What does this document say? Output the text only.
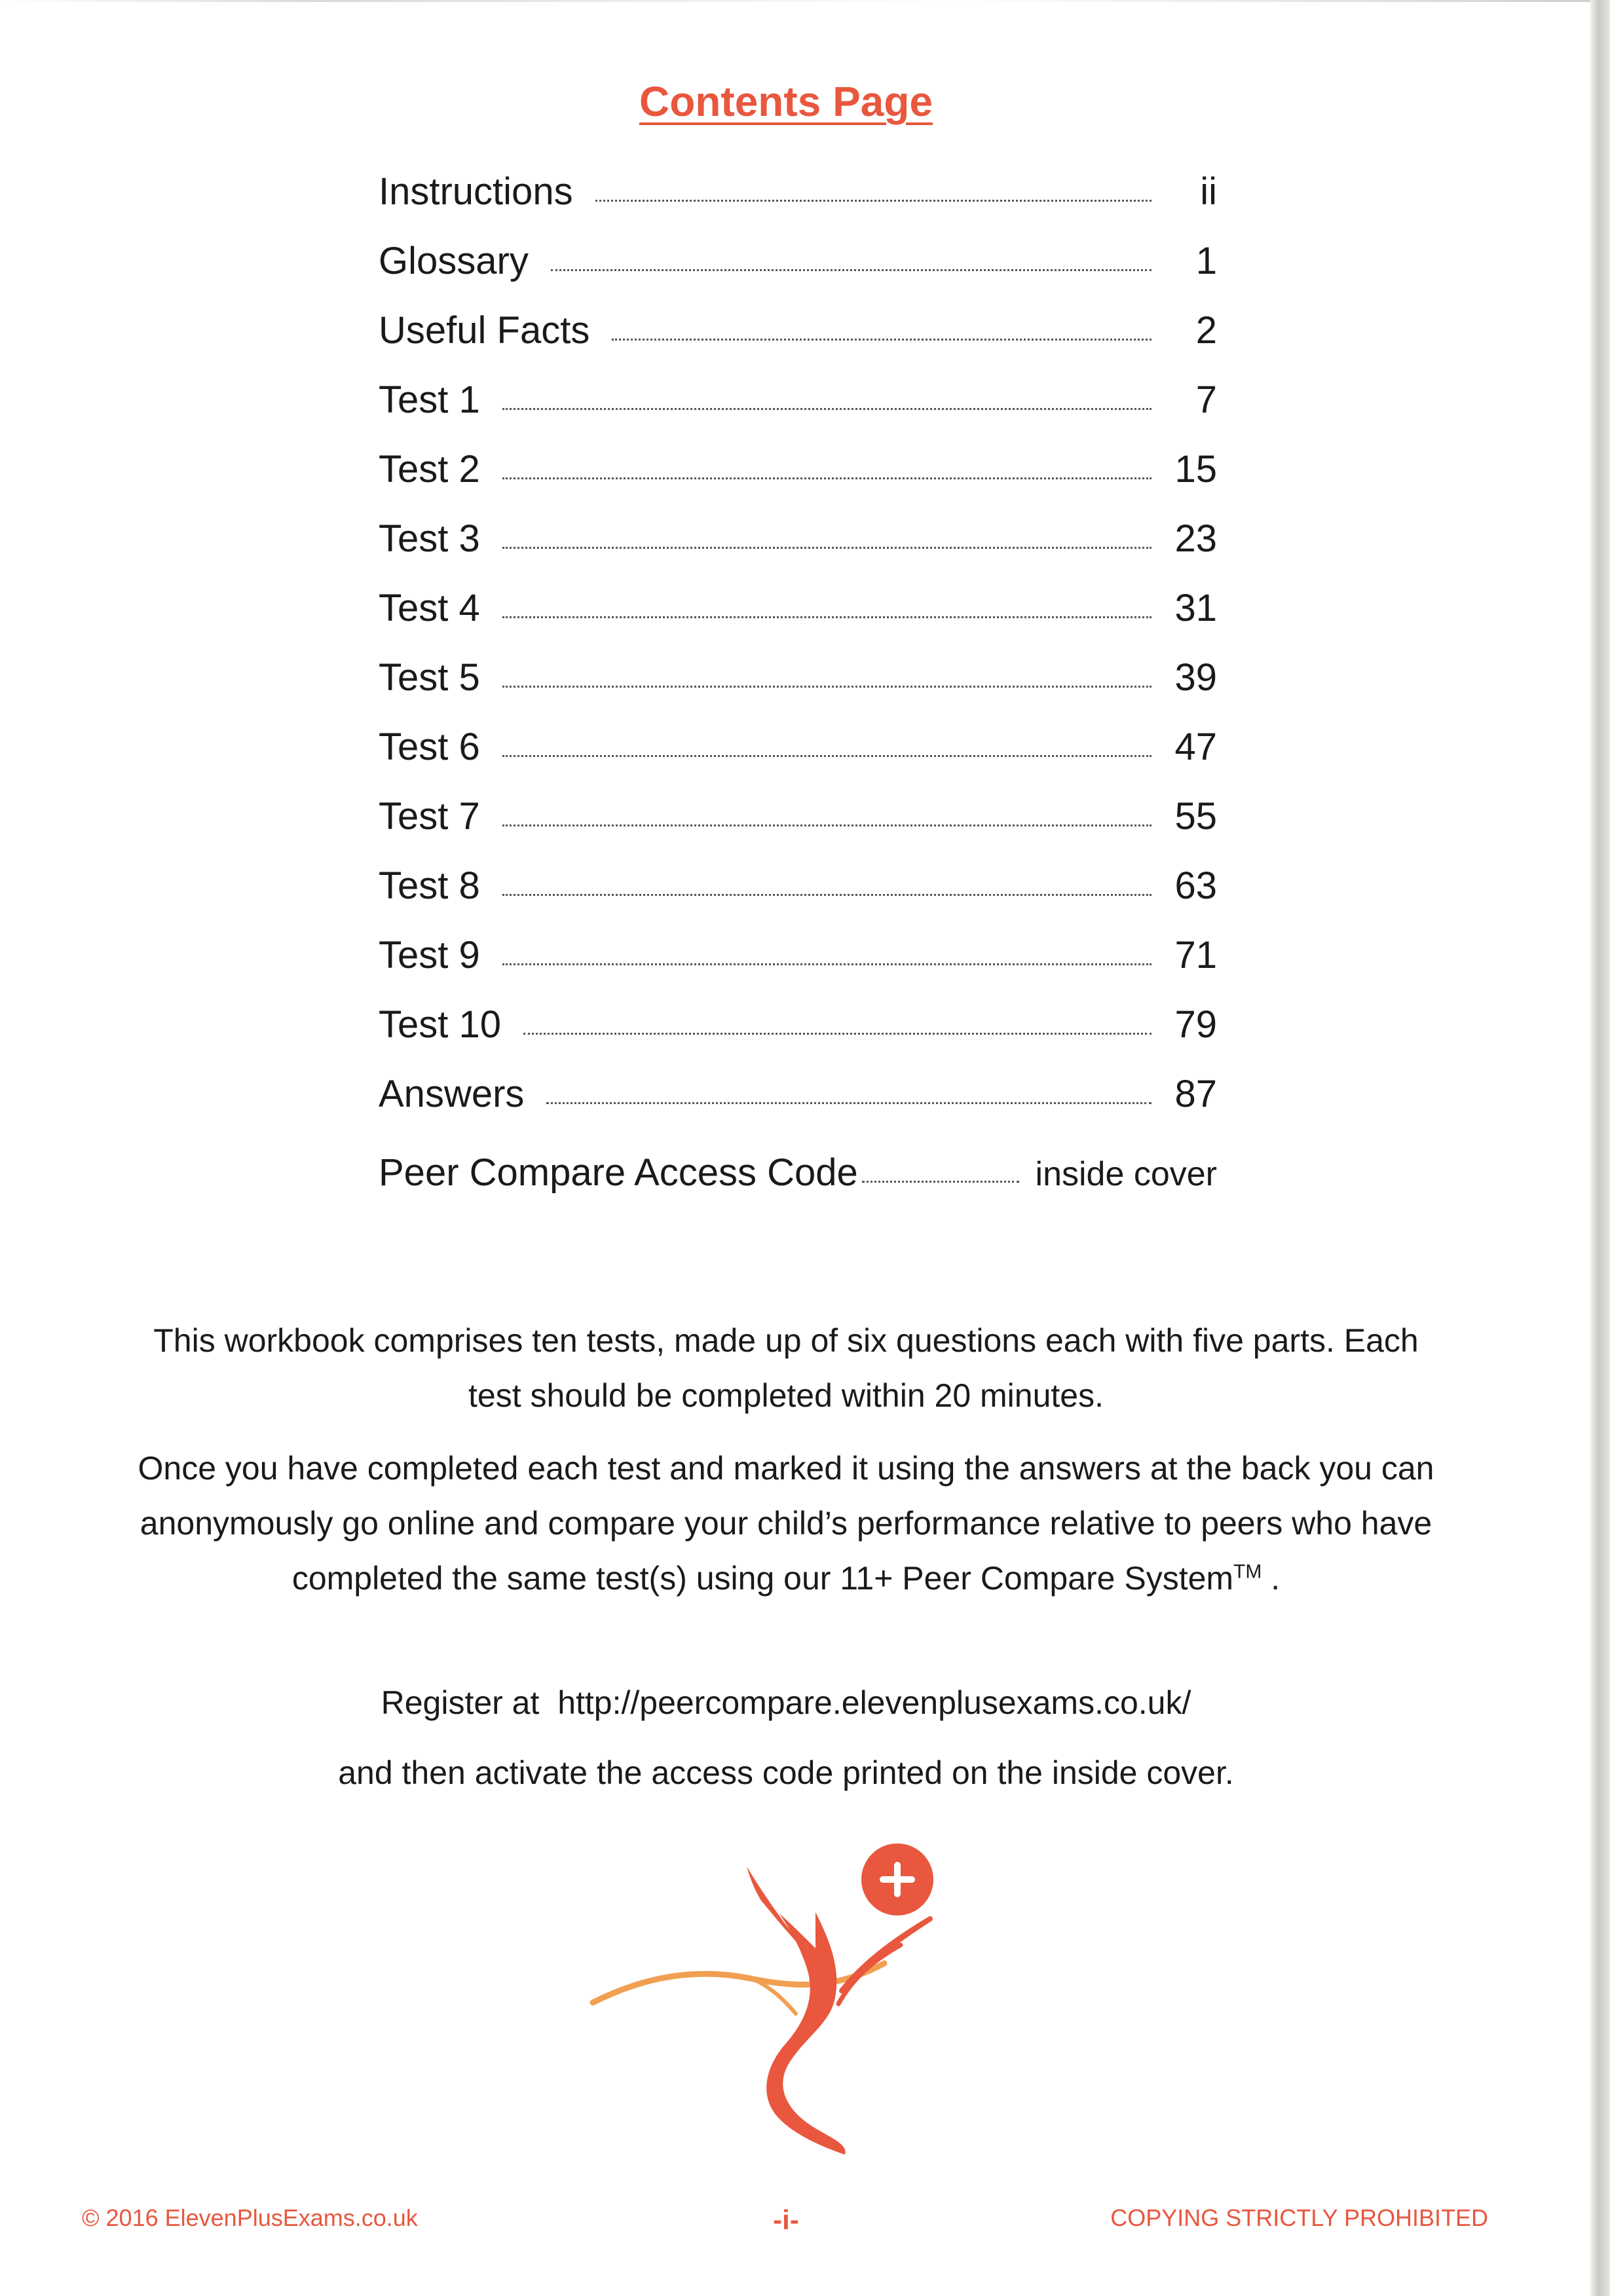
Contents Page
Instructions	ii
Glossary	1
Useful Facts	2
Test 1	7
Test 2	15
Test 3	23
Test 4	31
Test 5	39
Test 6	47
Test 7	55
Test 8	63
Test 9	71
Test 10	79
Answers	87
Peer Compare Access Code	inside cover
This workbook comprises ten tests, made up of six questions each with five parts. Each
test should be completed within 20 minutes.
Once you have completed each test and marked it using the answers at the back you can
anonymously go online and compare your child’s performance relative to peers who have
completed the same test(s) using our 11+ Peer Compare System™ .
Register at http://peercompare.elevenplusexams.co.uk/
and then activate the access code printed on the inside cover.
© 2016 ElevenPlusExams.co.uk	-i-	COPYING STRICTLY PROHIBITED
